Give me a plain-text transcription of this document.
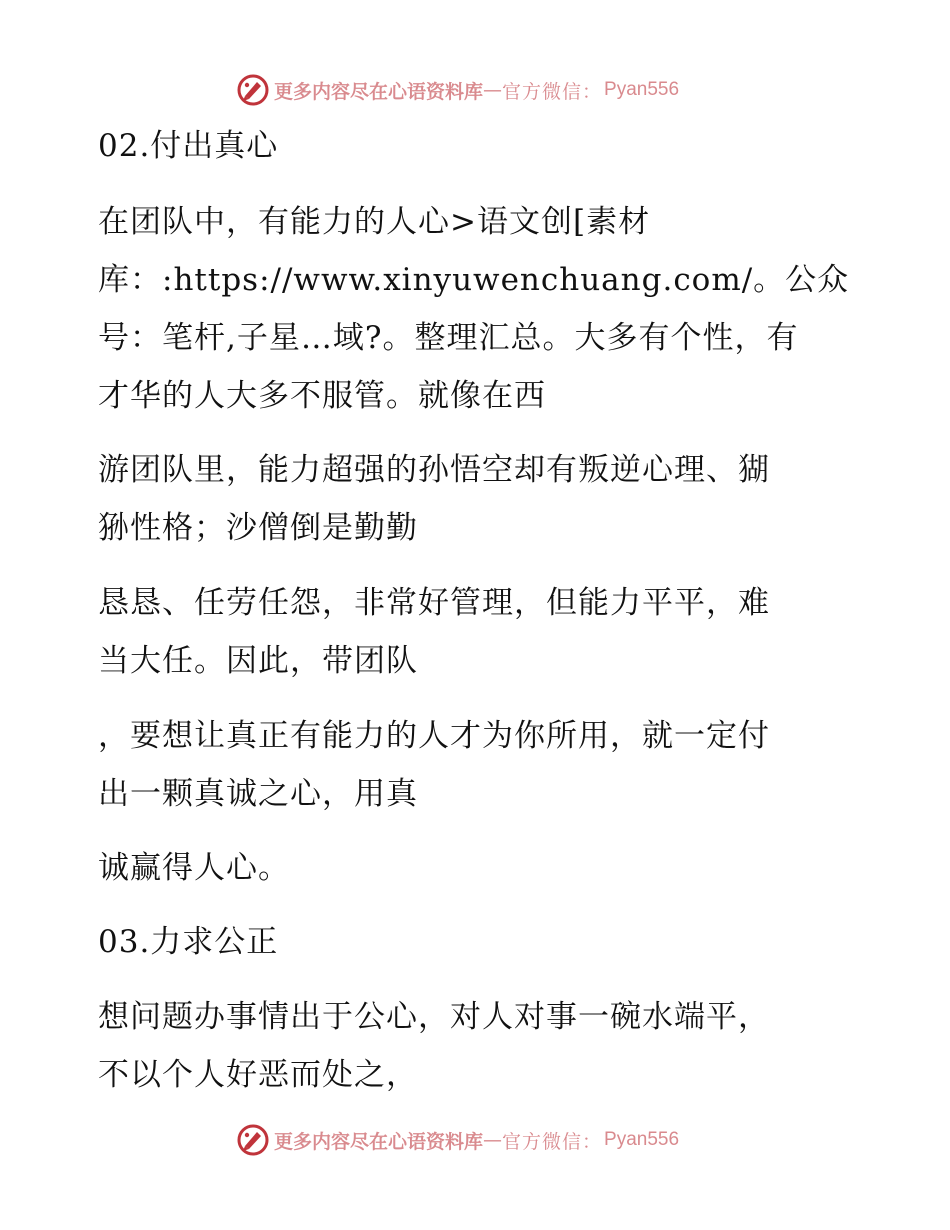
更多内容尽在心语资料库 — 官方微信： Pyan556
02.付出真心
在团队中，有能力的人心>语文创[素材
库：:https://www.xinyuwenchuang.com/。公众
号：笔杆,子星…域?。整理汇总。大多有个性，有
才华的人大多不服管。就像在西
游团队里，能力超强的孙悟空却有叛逆心理、猢
狲性格；沙僧倒是勤勤
恳恳、任劳任怨，非常好管理，但能力平平，难
当大任。因此，带团队
，要想让真正有能力的人才为你所用，就一定付
出一颗真诚之心，用真
诚赢得人心。
03.力求公正
想问题办事情出于公心，对人对事一碗水端平，
不以个人好恶而处之，
更多内容尽在心语资料库 — 官方微信： Pyan556
